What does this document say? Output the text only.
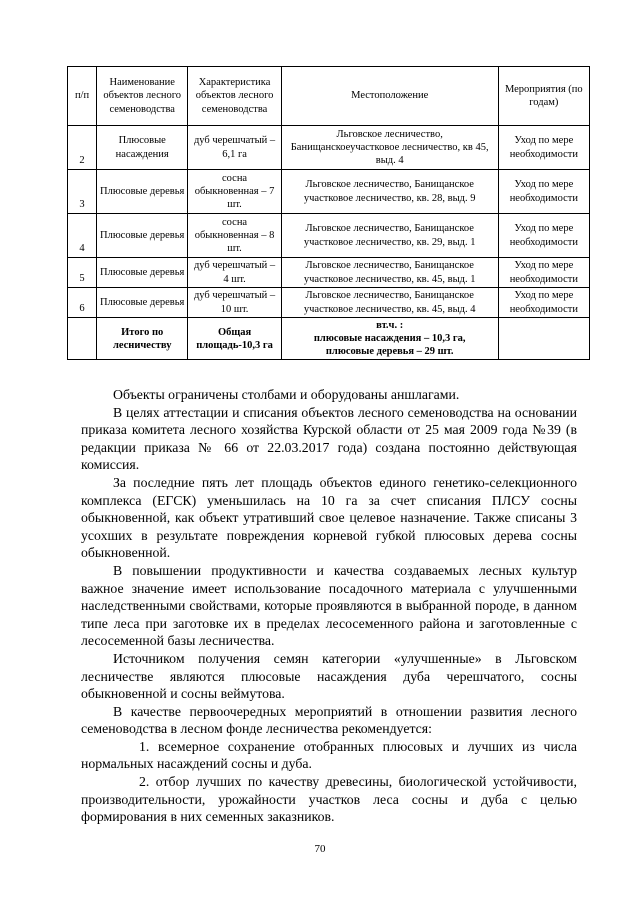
п/п	Наименование объектов лесного семеноводства	Характеристика объектов лесного семеноводства	Местоположение	Мероприятия (по годам)
2	Плюсовые насаждения	дуб черешчатый – 6,1 га	Льговское лесничество, Банищанскоеучастковое лесничество, кв 45, выд. 4	Уход по мере необходимости
3	Плюсовые деревья	сосна обыкновенная – 7 шт.	Льговское лесничество, Банищанское участковое лесничество, кв. 28, выд. 9	Уход по мере необходимости
4	Плюсовые деревья	сосна обыкновенная – 8 шт.	Льговское лесничество, Банищанское участковое лесничество, кв. 29, выд. 1	Уход по мере необходимости
5	Плюсовые деревья	дуб черешчатый – 4 шт.	Льговское лесничество, Банищанское участковое лесничество, кв. 45, выд. 1	Уход по мере необходимости
6	Плюсовые деревья	дуб черешчатый – 10 шт.	Льговское лесничество, Банищанское участковое лесничество, кв. 45, выд. 4	Уход по мере необходимости
	Итого по лесничеству	Общая площадь-10,3 га	вт.ч. :
плюсовые насаждения – 10,3 га,
плюсовые деревья – 29 шт.	

Объекты ограничены столбами и оборудованы аншлагами.

В целях аттестации и списания объектов лесного семеноводства на основании приказа комитета лесного хозяйства Курской области от 25 мая 2009 года №39 (в редакции приказа № 66 от 22.03.2017 года) создана постоянно действующая комиссия.

За последние пять лет площадь объектов единого генетико-селекционного комплекса (ЕГСК) уменьшилась на 10 га за счет списания ПЛСУ сосны обыкновенной, как объект утративший свое целевое назначение. Также списаны 3 усохших в результате повреждения корневой губкой плюсовых дерева сосны обыкновенной.

В повышении продуктивности и качества создаваемых лесных культур важное значение имеет использование посадочного материала с улучшенными наследственными свойствами, которые проявляются в выбранной породе, в данном типе леса при заготовке их в пределах лесосеменного района и заготовленные с лесосеменной базы лесничества.

Источником получения семян категории «улучшенные» в Льговском лесничестве являются плюсовые насаждения дуба черешчатого, сосны обыкновенной и сосны веймутова.

В качестве первоочередных мероприятий в отношении развития лесного семеноводства в лесном фонде лесничества рекомендуется:

1. всемерное сохранение отобранных плюсовых и лучших из числа нормальных насаждений сосны и дуба.

2. отбор лучших по качеству древесины, биологической устойчивости, производительности, урожайности участков леса сосны и дуба с целью формирования в них семенных заказников.

70
